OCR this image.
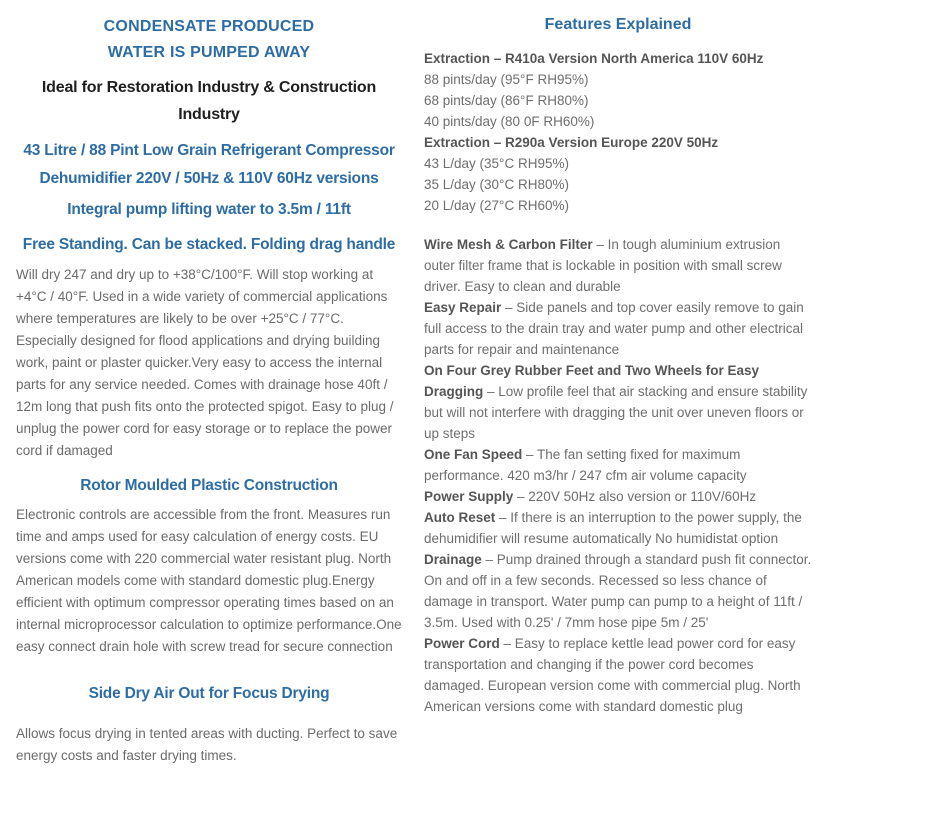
CONDENSATE PRODUCED
WATER IS PUMPED AWAY
Ideal for Restoration Industry & Construction Industry
43 Litre / 88 Pint Low Grain Refrigerant Compressor Dehumidifier 220V / 50Hz & 110V 60Hz versions
Integral pump lifting water to 3.5m / 11ft
Free Standing. Can be stacked. Folding drag handle

Will dry 247 and dry up to +38°C/100°F. Will stop working at +4°C / 40°F. Used in a wide variety of commercial applications where temperatures are likely to be over +25°C / 77°C. Especially designed for flood applications and drying building work, paint or plaster quicker.Very easy to access the internal parts for any service needed. Comes with drainage hose 40ft / 12m long that push fits onto the protected spigot. Easy to plug / unplug the power cord for easy storage or to replace the power cord if damaged

Rotor Moulded Plastic Construction

Electronic controls are accessible from the front. Measures run time and amps used for easy calculation of energy costs. EU versions come with 220 commercial water resistant plug. North American models come with standard domestic plug.Energy efficient with optimum compressor operating times based on an internal microprocessor calculation to optimize performance.One easy connect drain hole with screw tread for secure connection

Side Dry Air Out for Focus Drying

Allows focus drying in tented areas with ducting. Perfect to save energy costs and faster drying times.

Features Explained

Extraction – R410a Version North America 110V 60Hz

88 pints/day (95°F RH95%)

68 pints/day (86°F RH80%)

40 pints/day (80 0F RH60%)

Extraction – R290a Version Europe 220V 50Hz

43 L/day (35°C RH95%)

35 L/day (30°C RH80%)

20 L/day (27°C RH60%)

Wire Mesh & Carbon Filter – In tough aluminium extrusion outer filter frame that is lockable in position with small screw driver. Easy to clean and durable

Easy Repair – Side panels and top cover easily remove to gain full access to the drain tray and water pump and other electrical parts for repair and maintenance

On Four Grey Rubber Feet and Two Wheels for Easy Dragging – Low profile feel that air stacking and ensure stability but will not interfere with dragging the unit over uneven floors or up steps

One Fan Speed – The fan setting fixed for maximum performance. 420 m3/hr / 247 cfm air volume capacity

Power Supply – 220V 50Hz also version or 110V/60Hz

Auto Reset – If there is an interruption to the power supply, the dehumidifier will resume automatically No humidistat option

Drainage – Pump drained through a standard push fit connector. On and off in a few seconds. Recessed so less chance of damage in transport. Water pump can pump to a height of 11ft / 3.5m. Used with 0.25' / 7mm hose pipe 5m / 25'

Power Cord – Easy to replace kettle lead power cord for easy transportation and changing if the power cord becomes damaged. European version come with commercial plug. North American versions come with standard domestic plug
